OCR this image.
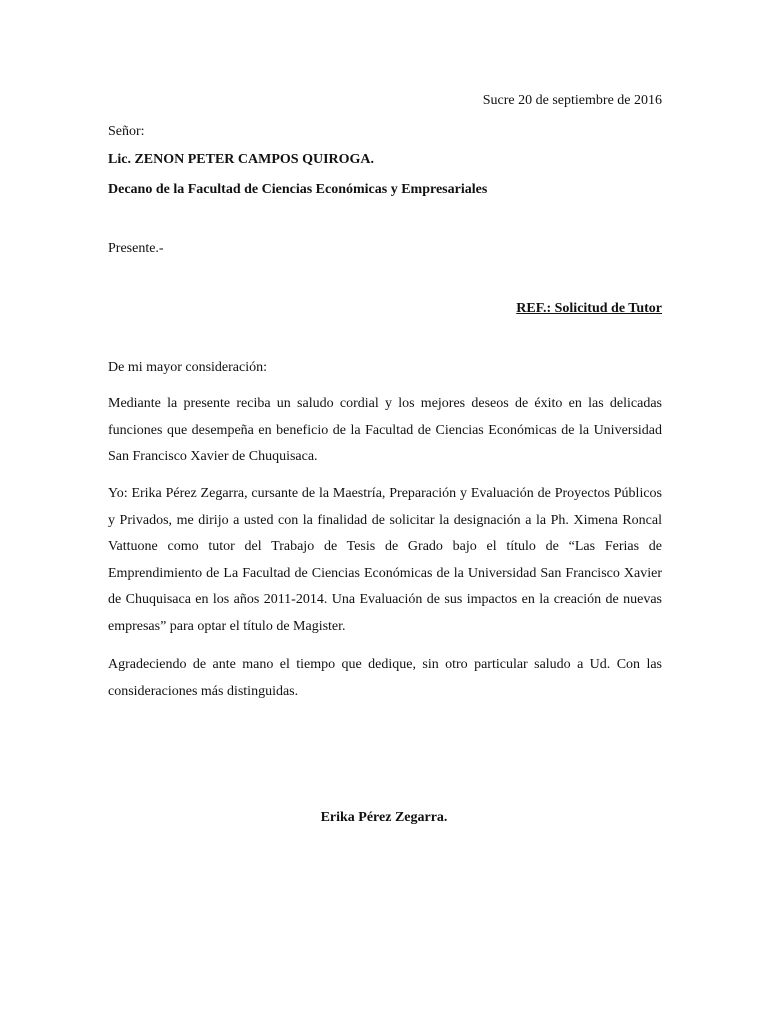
Sucre 20 de septiembre de 2016

Señor:

Lic. ZENON PETER CAMPOS QUIROGA.

Decano de la Facultad de Ciencias Económicas y Empresariales

Presente.-

REF.: Solicitud de Tutor

De mi mayor consideración:

Mediante la presente reciba un saludo cordial y los mejores deseos de éxito en las delicadas funciones que desempeña en beneficio de la Facultad de Ciencias Económicas de la Universidad San Francisco Xavier de Chuquisaca.

Yo: Erika Pérez Zegarra, cursante de la Maestría, Preparación y Evaluación de Proyectos Públicos y Privados, me dirijo a usted con la finalidad de solicitar la designación a la Ph. Ximena Roncal Vattuone como tutor del Trabajo de Tesis de Grado bajo el título de “Las Ferias de Emprendimiento de La Facultad de Ciencias Económicas de la Universidad San Francisco Xavier de Chuquisaca en los años 2011-2014. Una Evaluación de sus impactos en la creación de nuevas empresas” para optar el título de Magister.

Agradeciendo de ante mano el tiempo que dedique, sin otro particular saludo a Ud. Con las consideraciones más distinguidas.

Erika Pérez Zegarra.
